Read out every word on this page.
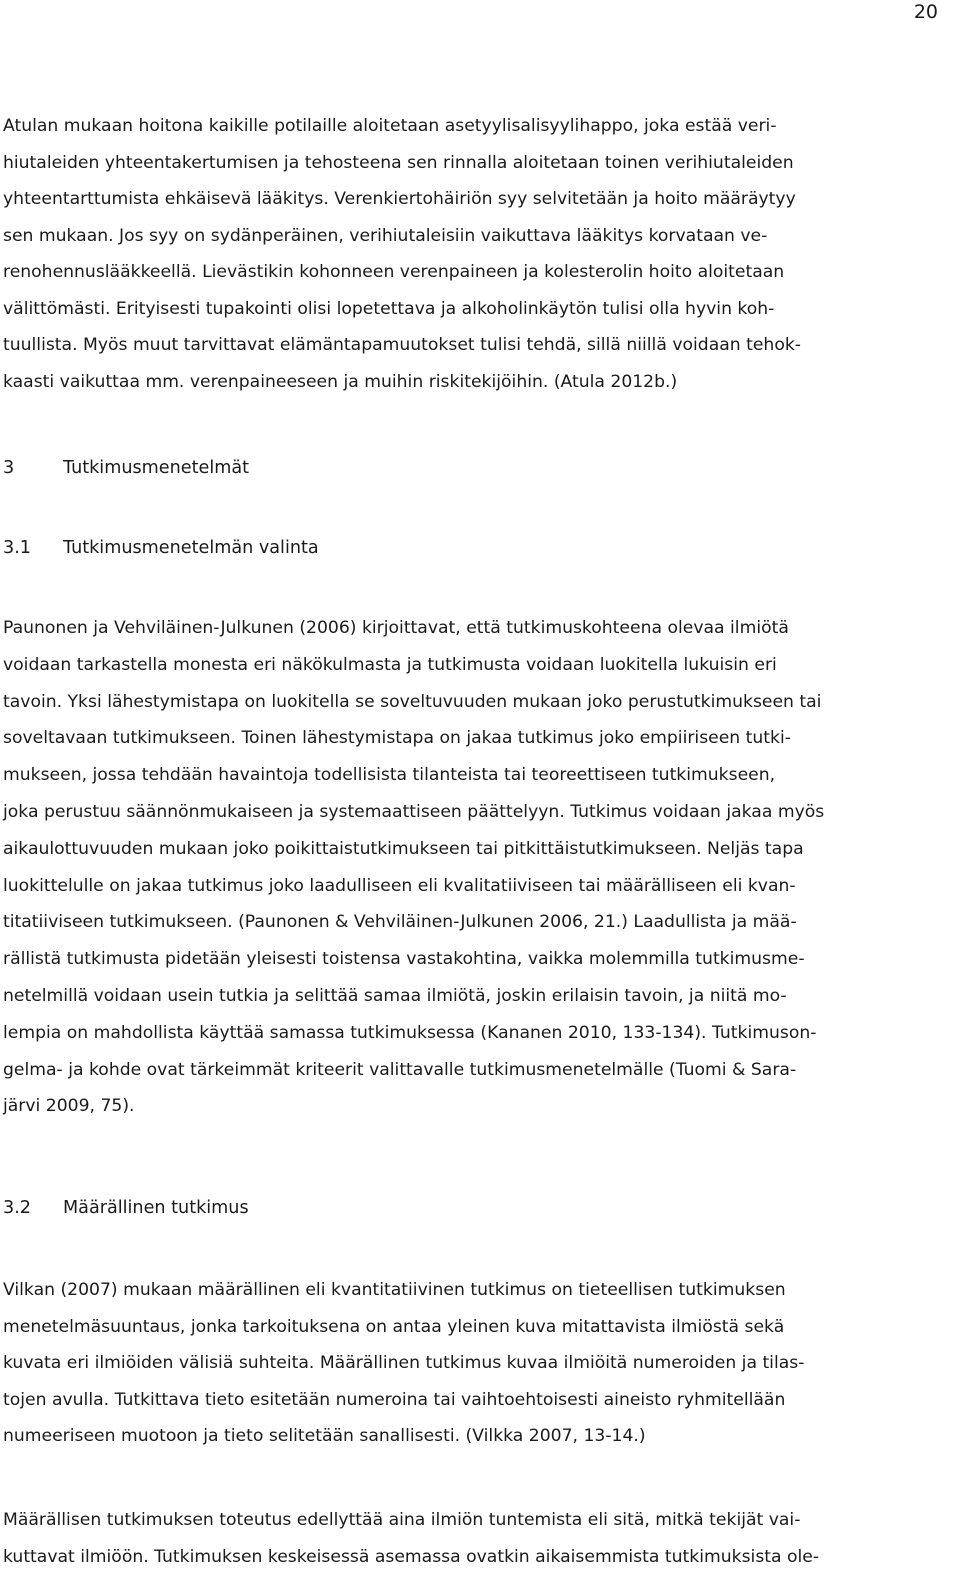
20

Atulan mukaan hoitona kaikille potilaille aloitetaan asetyylisalisyylihappo, joka estää veri-
hiutaleiden yhteentakertumisen ja tehosteena sen rinnalla aloitetaan toinen verihiutaleiden
yhteentarttumista ehkäisevä lääkitys. Verenkiertohäiriön syy selvitetään ja hoito määräytyy
sen mukaan. Jos syy on sydänperäinen, verihiutaleisiin vaikuttava lääkitys korvataan ve-
renohennuslääkkeellä. Lievästikin kohonneen verenpaineen ja kolesterolin hoito aloitetaan
välittömästi. Erityisesti tupakointi olisi lopetettava ja alkoholinkäytön tulisi olla hyvin koh-
tuullista. Myös muut tarvittavat elämäntapamuutokset tulisi tehdä, sillä niillä voidaan tehok-
kaasti vaikuttaa mm. verenpaineeseen ja muihin riskitekijöihin. (Atula 2012b.)

3	Tutkimusmenetelmät
3.1 Tutkimusmenetelmän valinta

Paunonen ja Vehviläinen-Julkunen (2006) kirjoittavat, että tutkimuskohteena olevaa ilmiötä
voidaan tarkastella monesta eri näkökulmasta ja tutkimusta voidaan luokitella lukuisin eri
tavoin. Yksi lähestymistapa on luokitella se soveltuvuuden mukaan joko perustutkimukseen tai
soveltavaan tutkimukseen. Toinen lähestymistapa on jakaa tutkimus joko empiiriseen tutki-
mukseen, jossa tehdään havaintoja todellisista tilanteista tai teoreettiseen tutkimukseen,
joka perustuu säännönmukaiseen ja systemaattiseen päättelyyn. Tutkimus voidaan jakaa myös
aikaulottuvuuden mukaan joko poikittaistutkimukseen tai pitkittäistutkimukseen. Neljäs tapa
luokittelulle on jakaa tutkimus joko laadulliseen eli kvalitatiiviseen tai määrälliseen eli kvan-
titatiiviseen tutkimukseen. (Paunonen & Vehviläinen-Julkunen 2006, 21.) Laadullista ja mää-
rällistä tutkimusta pidetään yleisesti toistensa vastakohtina, vaikka molemmilla tutkimusme-
netelmillä voidaan usein tutkia ja selittää samaa ilmiötä, joskin erilaisin tavoin, ja niitä mo-
lempia on mahdollista käyttää samassa tutkimuksessa (Kananen 2010, 133-134). Tutkimuson-
gelma- ja kohde ovat tärkeimmät kriteerit valittavalle tutkimusmenetelmälle (Tuomi & Sara-
järvi 2009, 75).

3.2 Määrällinen tutkimus

Vilkan (2007) mukaan määrällinen eli kvantitatiivinen tutkimus on tieteellisen tutkimuksen
menetelmäsuuntaus, jonka tarkoituksena on antaa yleinen kuva mitattavista ilmiöstä sekä
kuvata eri ilmiöiden välisiä suhteita. Määrällinen tutkimus kuvaa ilmiöitä numeroiden ja tilas-
tojen avulla. Tutkittava tieto esitetään numeroina tai vaihtoehtoisesti aineisto ryhmitellään
numeeriseen muotoon ja tieto selitetään sanallisesti. (Vilkka 2007, 13-14.)

Määrällisen tutkimuksen toteutus edellyttää aina ilmiön tuntemista eli sitä, mitkä tekijät vai-
kuttavat ilmiöön. Tutkimuksen keskeisessä asemassa ovatkin aikaisemmista tutkimuksista ole-
